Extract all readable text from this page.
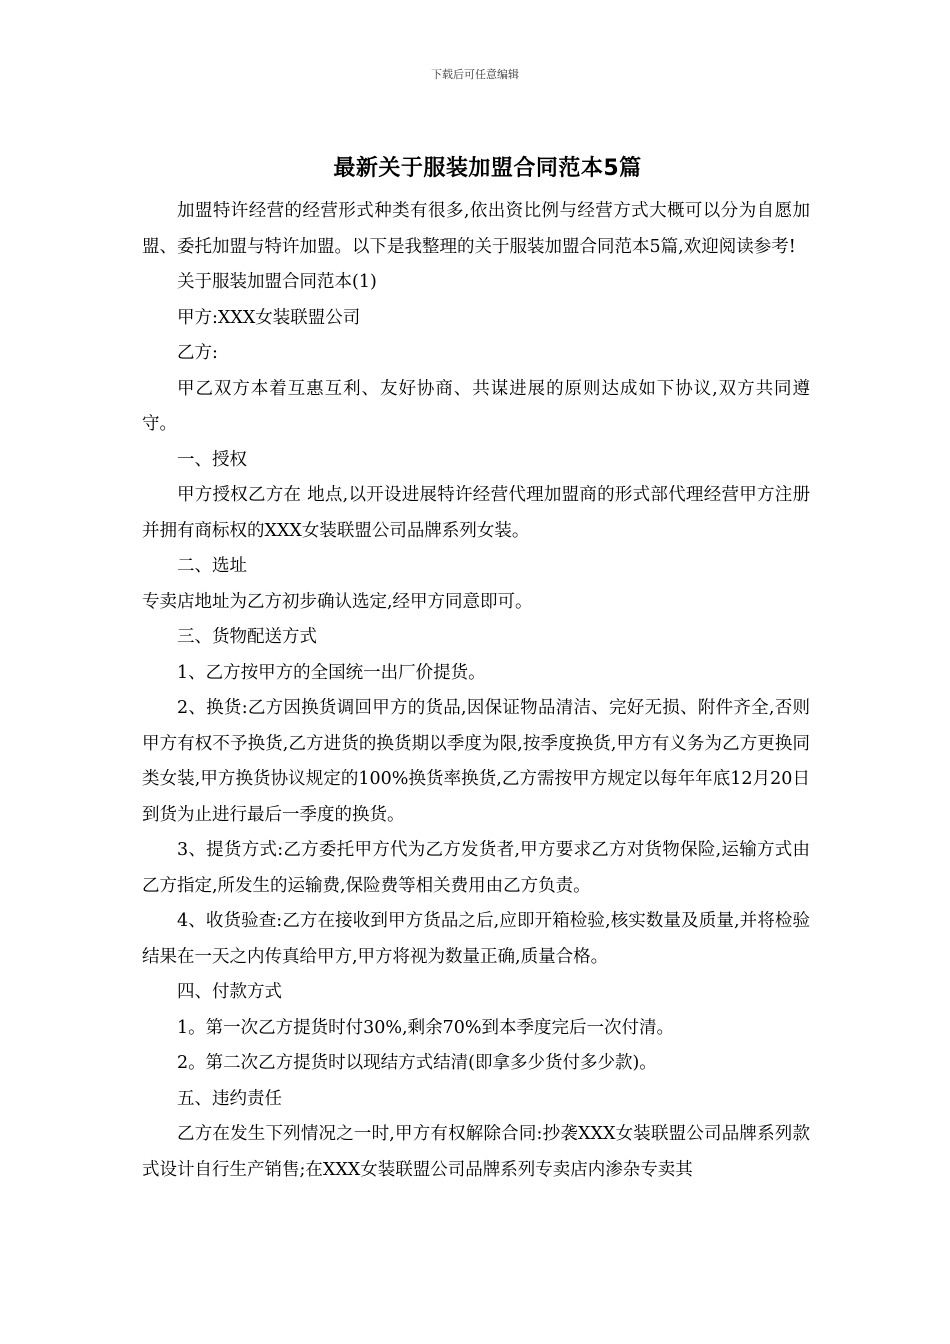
下载后可任意编辑
最新关于服装加盟合同范本5篇

加盟特许经营的经营形式种类有很多,依出资比例与经营方式大概可以分为自愿加盟、委托加盟与特许加盟。以下是我整理的关于服装加盟合同范本5篇,欢迎阅读参考!

关于服装加盟合同范本(1)

甲方:XXX女装联盟公司

乙方:

甲乙双方本着互惠互利、友好协商、共谋进展的原则达成如下协议,双方共同遵守。

一、授权

甲方授权乙方在 地点,以开设进展特许经营代理加盟商的形式部代理经营甲方注册并拥有商标权的XXX女装联盟公司品牌系列女装。

二、选址

专卖店地址为乙方初步确认选定,经甲方同意即可。

三、货物配送方式

1、乙方按甲方的全国统一出厂价提货。

2、换货:乙方因换货调回甲方的货品,因保证物品清洁、完好无损、附件齐全,否则甲方有权不予换货,乙方进货的换货期以季度为限,按季度换货,甲方有义务为乙方更换同类女装,甲方换货协议规定的100%换货率换货,乙方需按甲方规定以每年年底12月20日到货为止进行最后一季度的换货。

3、提货方式:乙方委托甲方代为乙方发货者,甲方要求乙方对货物保险,运输方式由乙方指定,所发生的运输费,保险费等相关费用由乙方负责。

4、收货验查:乙方在接收到甲方货品之后,应即开箱检验,核实数量及质量,并将检验结果在一天之内传真给甲方,甲方将视为数量正确,质量合格。

四、付款方式

1。第一次乙方提货时付30%,剩余70%到本季度完后一次付清。

2。第二次乙方提货时以现结方式结清(即拿多少货付多少款)。

五、违约责任

乙方在发生下列情况之一时,甲方有权解除合同:抄袭XXX女装联盟公司品牌系列款式设计自行生产销售;在XXX女装联盟公司品牌系列专卖店内渗杂专卖其
